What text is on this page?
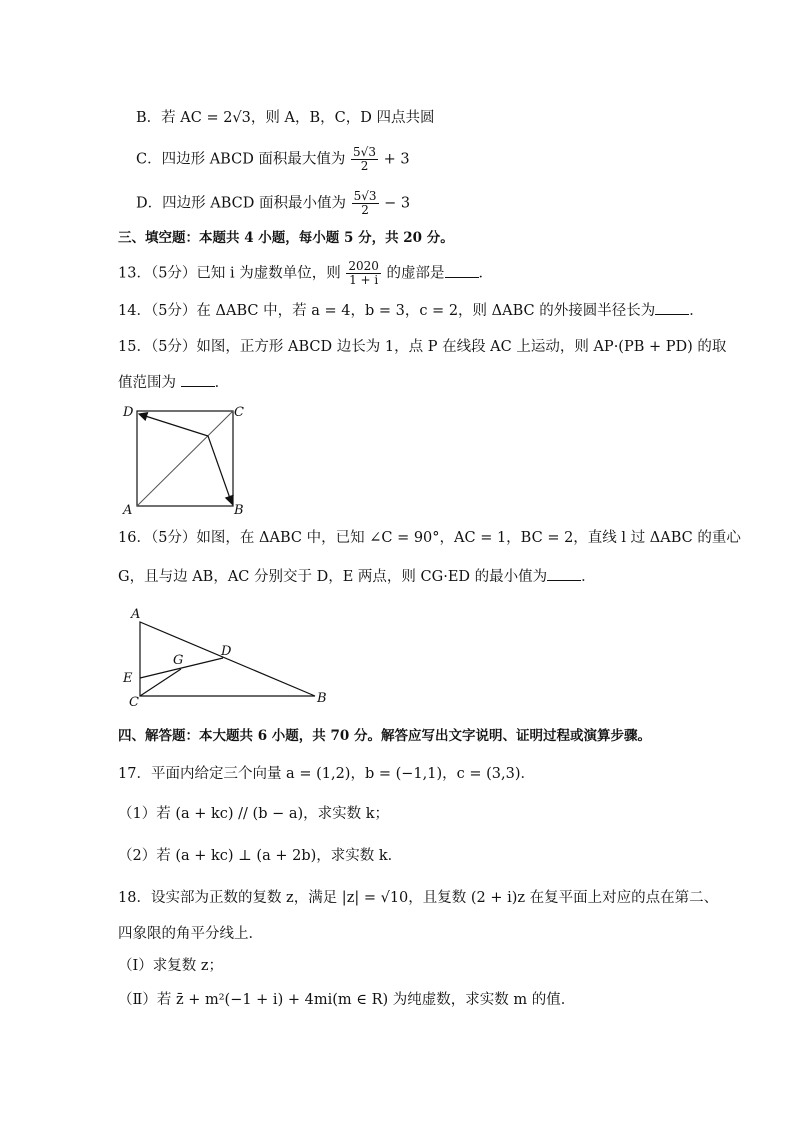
B．若 AC = 2√3，则 A，B，C，D 四点共圆
C．四边形 ABCD 面积最大值为 $\frac{5√3}{2} + 3$
D．四边形 ABCD 面积最小值为 $\frac{5√3}{2} - 3$
三、填空题：本题共 4 小题，每小题 5 分，共 20 分。
13．（5分）已知 i 为虚数单位，则 $\frac{2020}{1 + i}$ 的虚部是 ．
14．（5分）在 ΔABC 中，若 a = 4，b = 3，c = 2，则 ΔABC 的外接圆半径长为 ．
15．（5分）如图，正方形 ABCD 边长为 1，点 P 在线段 AC 上运动，则 AP·(PB + PD) 的取
值范围为	．
D	C
A	B
16．（5分）如图，在 ΔABC 中，已知 ∠C = 90°，AC = 1，BC = 2，直线 l 过 ΔABC 的重心
G，且与边 AB，AC 分别交于 D，E 两点，则 CG·ED 的最小值为 ．
A
G
D
E
C	B
四、解答题：本大题共 6 小题，共 70 分。解答应写出文字说明、证明过程或演算步骤。
17．平面内给定三个向量 a = (1,2)，b = (−1,1)，c = (3,3)．
（1）若 (a + kc) // (b − a)，求实数 k；
（2）若 (a + kc) ⊥ (a + 2b)，求实数 k．
18．设实部为正数的复数 z，满足 |z| = √10，且复数 (2 + i)z 在复平面上对应的点在第二、
四象限的角平分线上．
（Ⅰ）求复数 z；
（Ⅱ）若 z̄ + m²(−1 + i) + 4mi(m ∈ R) 为纯虚数，求实数 m 的值．
